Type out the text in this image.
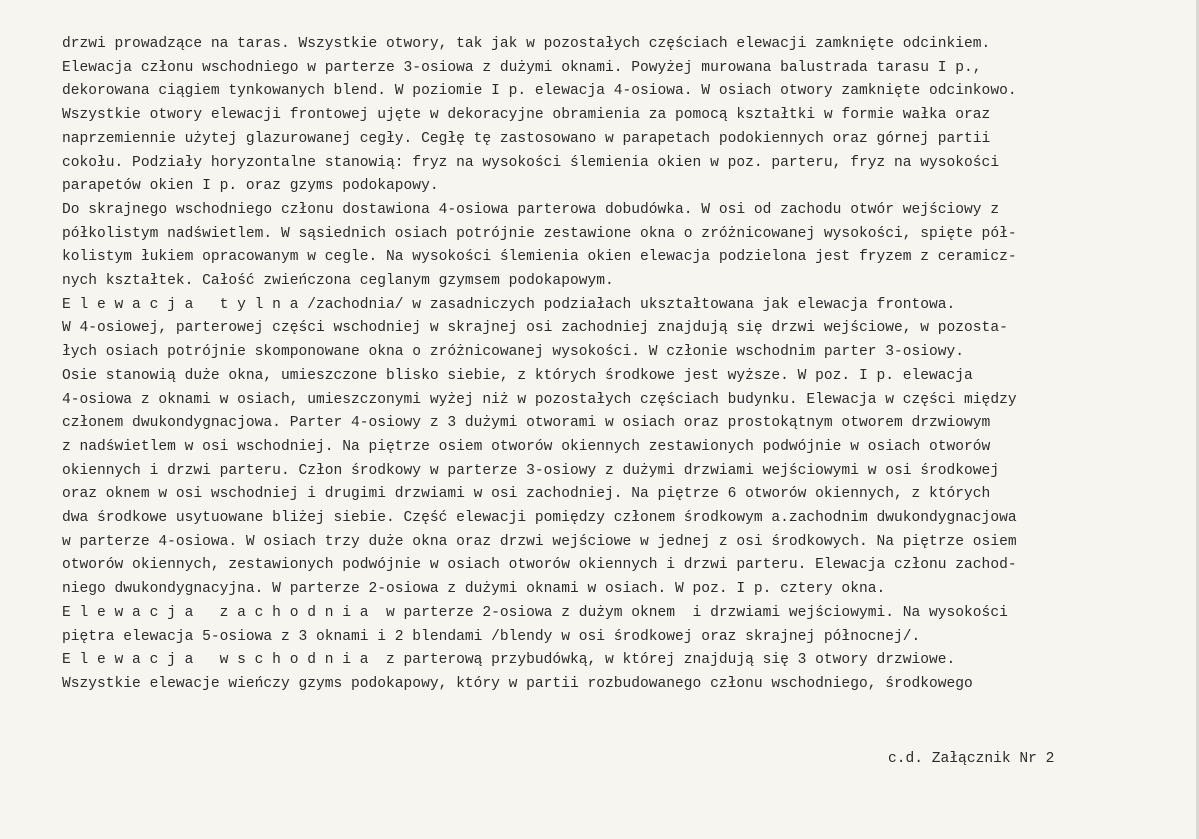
drzwi prowadzące na taras. Wszystkie otwory, tak jak w pozostałych częściach elewacji zamknięte odcinkiem.
Elewacja członu wschodniego w parterze 3-osiowa z dużymi oknami. Powyżej murowana balustrada tarasu I p.,
dekorowana ciągiem tynkowanych blend. W poziomie I p. elewacja 4-osiowa. W osiach otwory zamknięte odcinkowo.
Wszystkie otwory elewacji frontowej ujęte w dekoracyjne obramienia za pomocą kształtki w formie wałka oraz
naprzemiennie użytej glazurowanej cegły. Cegłę tę zastosowano w parapetach podokiennych oraz górnej partii
cokołu. Podziały horyzontalne stanowią: fryz na wysokości ślemienia okien w poz. parteru, fryz na wysokości
parapetów okien I p. oraz gzyms podokapowy.
Do skrajnego wschodniego członu dostawiona 4-osiowa parterowa dobudówka. W osi od zachodu otwór wejściowy z
półkolistym nadświetlem. W sąsiednich osiach potrójnie zestawione okna o zróżnicowanej wysokości, spięte pół-
kolistym łukiem opracowanym w cegle. Na wysokości ślemienia okien elewacja podzielona jest fryzem z ceramicz-
nych kształtek. Całość zwieńczona ceglanym gzymsem podokapowym.
E l e w a c j a   t y l n a /zachodnia/ w zasadniczych podziałach ukształtowana jak elewacja frontowa.
W 4-osiowej, parterowej części wschodniej w skrajnej osi zachodniej znajdują się drzwi wejściowe, w pozosta-
łych osiach potrójnie skomponowane okna o zróżnicowanej wysokości. W członie wschodnim parter 3-osiowy.
Osie stanowią duże okna, umieszczone blisko siebie, z których środkowe jest wyższe. W poz. I p. elewacja
4-osiowa z oknami w osiach, umieszczonymi wyżej niż w pozostałych częściach budynku. Elewacja w części między
członem dwukondygnacjowa. Parter 4-osiowy z 3 dużymi otworami w osiach oraz prostokątnym otworem drzwiowym
z nadświetlem w osi wschodniej. Na piętrze osiem otworów okiennych zestawionych podwójnie w osiach otworów
okiennych i drzwi parteru. Człon środkowy w parterze 3-osiowy z dużymi drzwiami wejściowymi w osi środkowej
oraz oknem w osi wschodniej i drugimi drzwiami w osi zachodniej. Na piętrze 6 otworów okiennych, z których
dwa środkowe usytuowane bliżej siebie. Część elewacji pomiędzy członem środkowym a.zachodnim dwukondygnacjowa
w parterze 4-osiowa. W osiach trzy duże okna oraz drzwi wejściowe w jednej z osi środkowych. Na piętrze osiem
otworów okiennych, zestawionych podwójnie w osiach otworów okiennych i drzwi parteru. Elewacja członu zachod-
niego dwukondygnacyjna. W parterze 2-osiowa z dużymi oknami w osiach. W poz. I p. cztery okna.
E l e w a c j a   z a c h o d n i a  w parterze 2-osiowa z dużym oknem  i drzwiami wejściowymi. Na wysokości
piętra elewacja 5-osiowa z 3 oknami i 2 blendami /blendy w osi środkowej oraz skrajnej północnej/.
E l e w a c j a   w s c h o d n i a  z parterową przybudówką, w której znajdują się 3 otwory drzwiowe.
Wszystkie elewacje wieńczy gzyms podokapowy, który w partii rozbudowanego członu wschodniego, środkowego
c.d. Załącznik Nr 2
